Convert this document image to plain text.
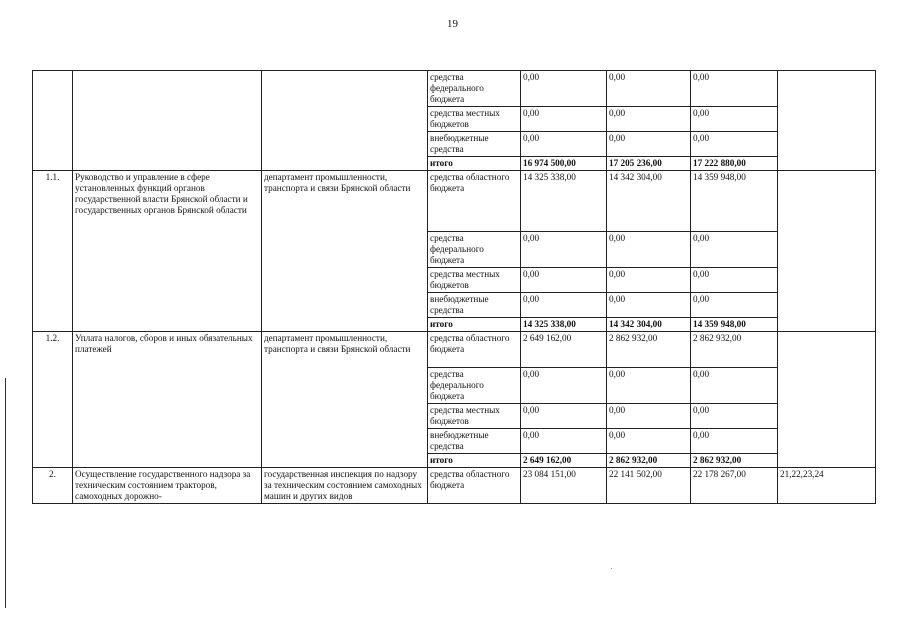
19
			средства федерального бюджета	0,00	0,00	0,00	
			средства местных бюджетов	0,00	0,00	0,00	
			внебюджетные средства	0,00	0,00	0,00	
			итого	16 974 500,00	17 205 236,00	17 222 880,00	
1.1.	Руководство и управление в сфере установленных функций органов государственной власти Брянской области и государственных органов Брянской области	департамент промышленности, транспорта и связи Брянской области	средства областного бюджета	14 325 338,00	14 342 304,00	14 359 948,00	
			средства федерального бюджета	0,00	0,00	0,00	
			средства местных бюджетов	0,00	0,00	0,00	
			внебюджетные средства	0,00	0,00	0,00	
			итого	14 325 338,00	14 342 304,00	14 359 948,00	
1.2.	Уплата налогов, сборов и иных обязательных платежей	департамент промышленности, транспорта и связи Брянской области	средства областного бюджета	2 649 162,00	2 862 932,00	2 862 932,00	
			средства федерального бюджета	0,00	0,00	0,00	
			средства местных бюджетов	0,00	0,00	0,00	
			внебюджетные средства	0,00	0,00	0,00	
			итого	2 649 162,00	2 862 932,00	2 862 932,00	
2.	Осуществление государственного надзора за техническим состоянием тракторов, самоходных дорожно-	государственная инспекция по надзору за техническим состоянием самоходных машин и других видов	средства областного бюджета	23 084 151,00	22 141 502,00	22 178 267,00	21,22,23,24
